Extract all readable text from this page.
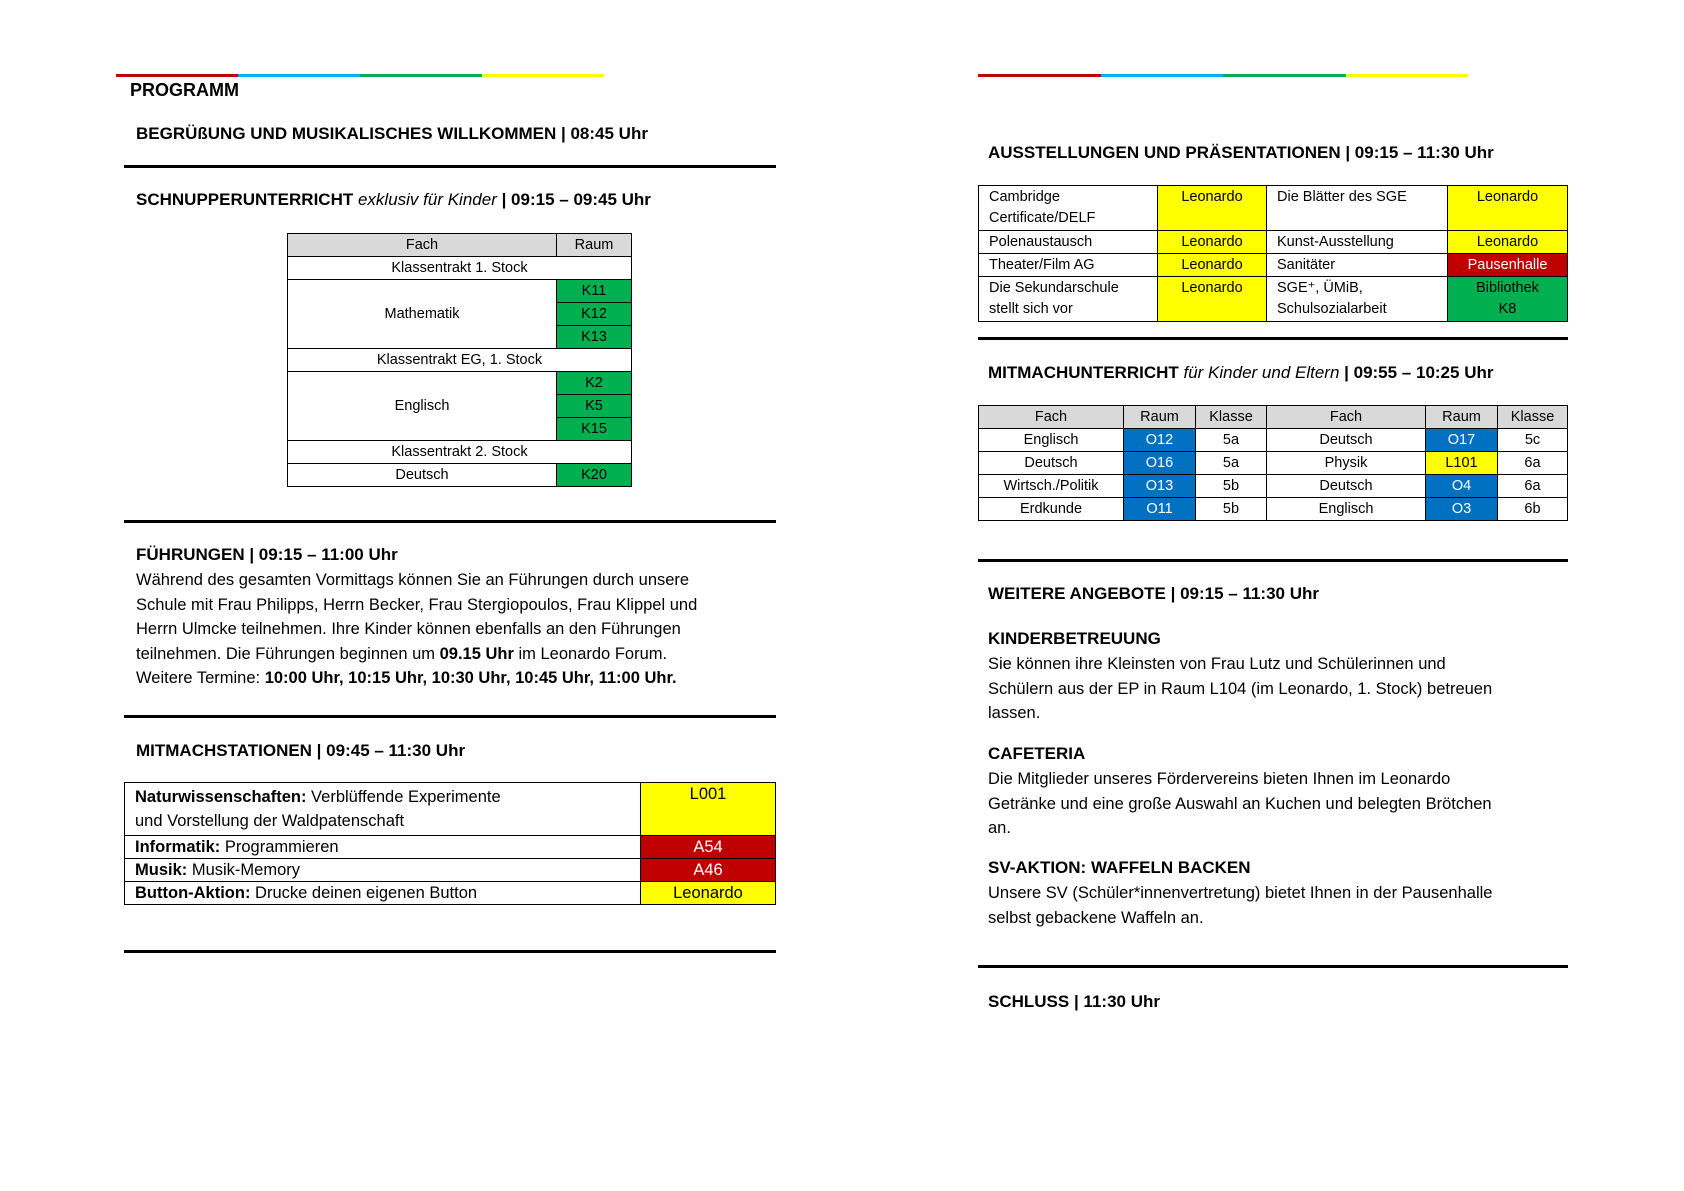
PROGRAMM
BEGRÜßUNG UND MUSIKALISCHES WILLKOMMEN | 08:45 Uhr
SCHNUPPERUNTERRICHT exklusiv für Kinder | 09:15 – 09:45 Uhr
Fach	Raum
Klassentrakt 1. Stock	
Mathematik	K11
	K12
	K13
Klassentrakt EG, 1. Stock	
Englisch	K2
	K5
	K15
Klassentrakt 2. Stock	
Deutsch	K20
FÜHRUNGEN | 09:15 – 11:00 Uhr
Während des gesamten Vormittags können Sie an Führungen durch unsere
Schule mit Frau Philipps, Herrn Becker, Frau Stergiopoulos, Frau Klippel und
Herrn Ulmcke teilnehmen. Ihre Kinder können ebenfalls an den Führungen
teilnehmen. Die Führungen beginnen um 09.15 Uhr im Leonardo Forum.
Weitere Termine: 10:00 Uhr, 10:15 Uhr, 10:30 Uhr, 10:45 Uhr, 11:00 Uhr.
MITMACHSTATIONEN | 09:45 – 11:30 Uhr
Naturwissenschaften: Verblüffende Experimente
und Vorstellung der Waldpatenschaft	L001
Informatik: Programmieren	A54
Musik: Musik-Memory	A46
Button-Aktion: Drucke deinen eigenen Button	Leonardo
AUSSTELLUNGEN UND PRÄSENTATIONEN | 09:15 – 11:30 Uhr
Cambridge
Certificate/DELF	Leonardo	Die Blätter des SGE	Leonardo
Polenaustausch	Leonardo	Kunst-Ausstellung	Leonardo
Theater/Film AG	Leonardo	Sanitäter	Pausenhalle
Die Sekundarschule
stellt sich vor	Leonardo	SGE⁺, ÜMiB,
Schulsozialarbeit	Bibliothek
K8
MITMACHUNTERRICHT für Kinder und Eltern | 09:55 – 10:25 Uhr
Fach	Raum	Klasse	Fach	Raum	Klasse
Englisch	O12	5a	Deutsch	O17	5c
Deutsch	O16	5a	Physik	L101	6a
Wirtsch./Politik	O13	5b	Deutsch	O4	6a
Erdkunde	O11	5b	Englisch	O3	6b
WEITERE ANGEBOTE | 09:15 – 11:30 Uhr
KINDERBETREUUNG
Sie können ihre Kleinsten von Frau Lutz und Schülerinnen und
Schülern aus der EP in Raum L104 (im Leonardo, 1. Stock) betreuen
lassen.
CAFETERIA
Die Mitglieder unseres Fördervereins bieten Ihnen im Leonardo
Getränke und eine große Auswahl an Kuchen und belegten Brötchen
an.
SV-AKTION: WAFFELN BACKEN
Unsere SV (Schüler*innenvertretung) bietet Ihnen in der Pausenhalle
selbst gebackene Waffeln an.
SCHLUSS | 11:30 Uhr
